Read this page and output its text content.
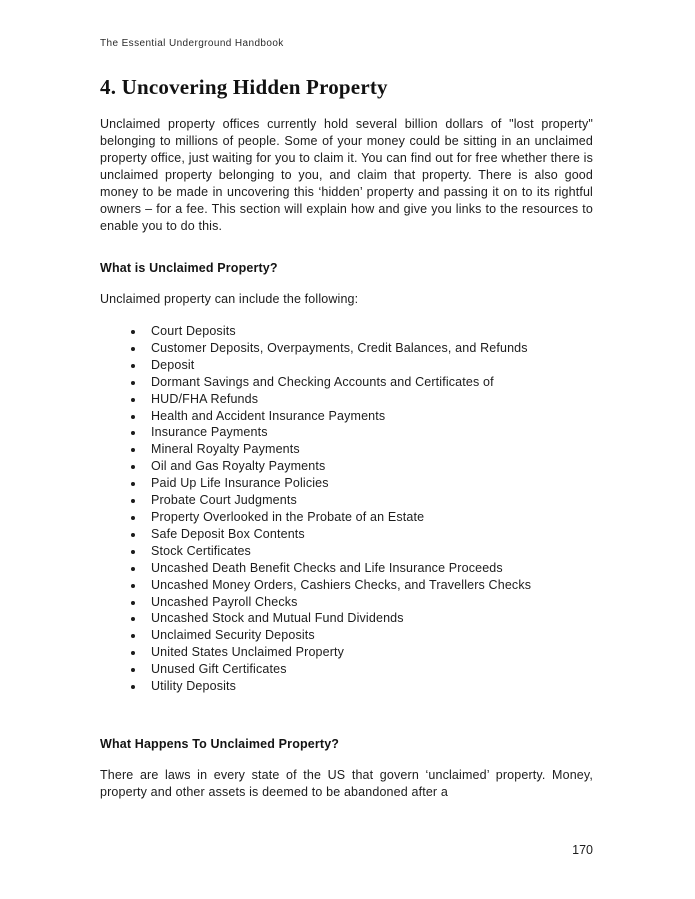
The Essential Underground Handbook
4. Uncovering Hidden Property

Unclaimed property offices currently hold several billion dollars of "lost property" belonging to millions of people. Some of your money could be sitting in an unclaimed property office, just waiting for you to claim it. You can find out for free whether there is unclaimed property belonging to you, and claim that property. There is also good money to be made in uncovering this ‘hidden’ property and passing it on to its rightful owners – for a fee. This section will explain how and give you links to the resources to enable you to do this.

What is Unclaimed Property?

Unclaimed property can include the following:

• Court Deposits
• Customer Deposits, Overpayments, Credit Balances, and Refunds
• Deposit
• Dormant Savings and Checking Accounts and Certificates of
• HUD/FHA Refunds
• Health and Accident Insurance Payments
• Insurance Payments
• Mineral Royalty Payments
• Oil and Gas Royalty Payments
• Paid Up Life Insurance Policies
• Probate Court Judgments
• Property Overlooked in the Probate of an Estate
• Safe Deposit Box Contents
• Stock Certificates
• Uncashed Death Benefit Checks and Life Insurance Proceeds
• Uncashed Money Orders, Cashiers Checks, and Travellers Checks
• Uncashed Payroll Checks
• Uncashed Stock and Mutual Fund Dividends
• Unclaimed Security Deposits
• United States Unclaimed Property
• Unused Gift Certificates
• Utility Deposits
What Happens To Unclaimed Property?

There are laws in every state of the US that govern ‘unclaimed’ property. Money, property and other assets is deemed to be abandoned after a

170
